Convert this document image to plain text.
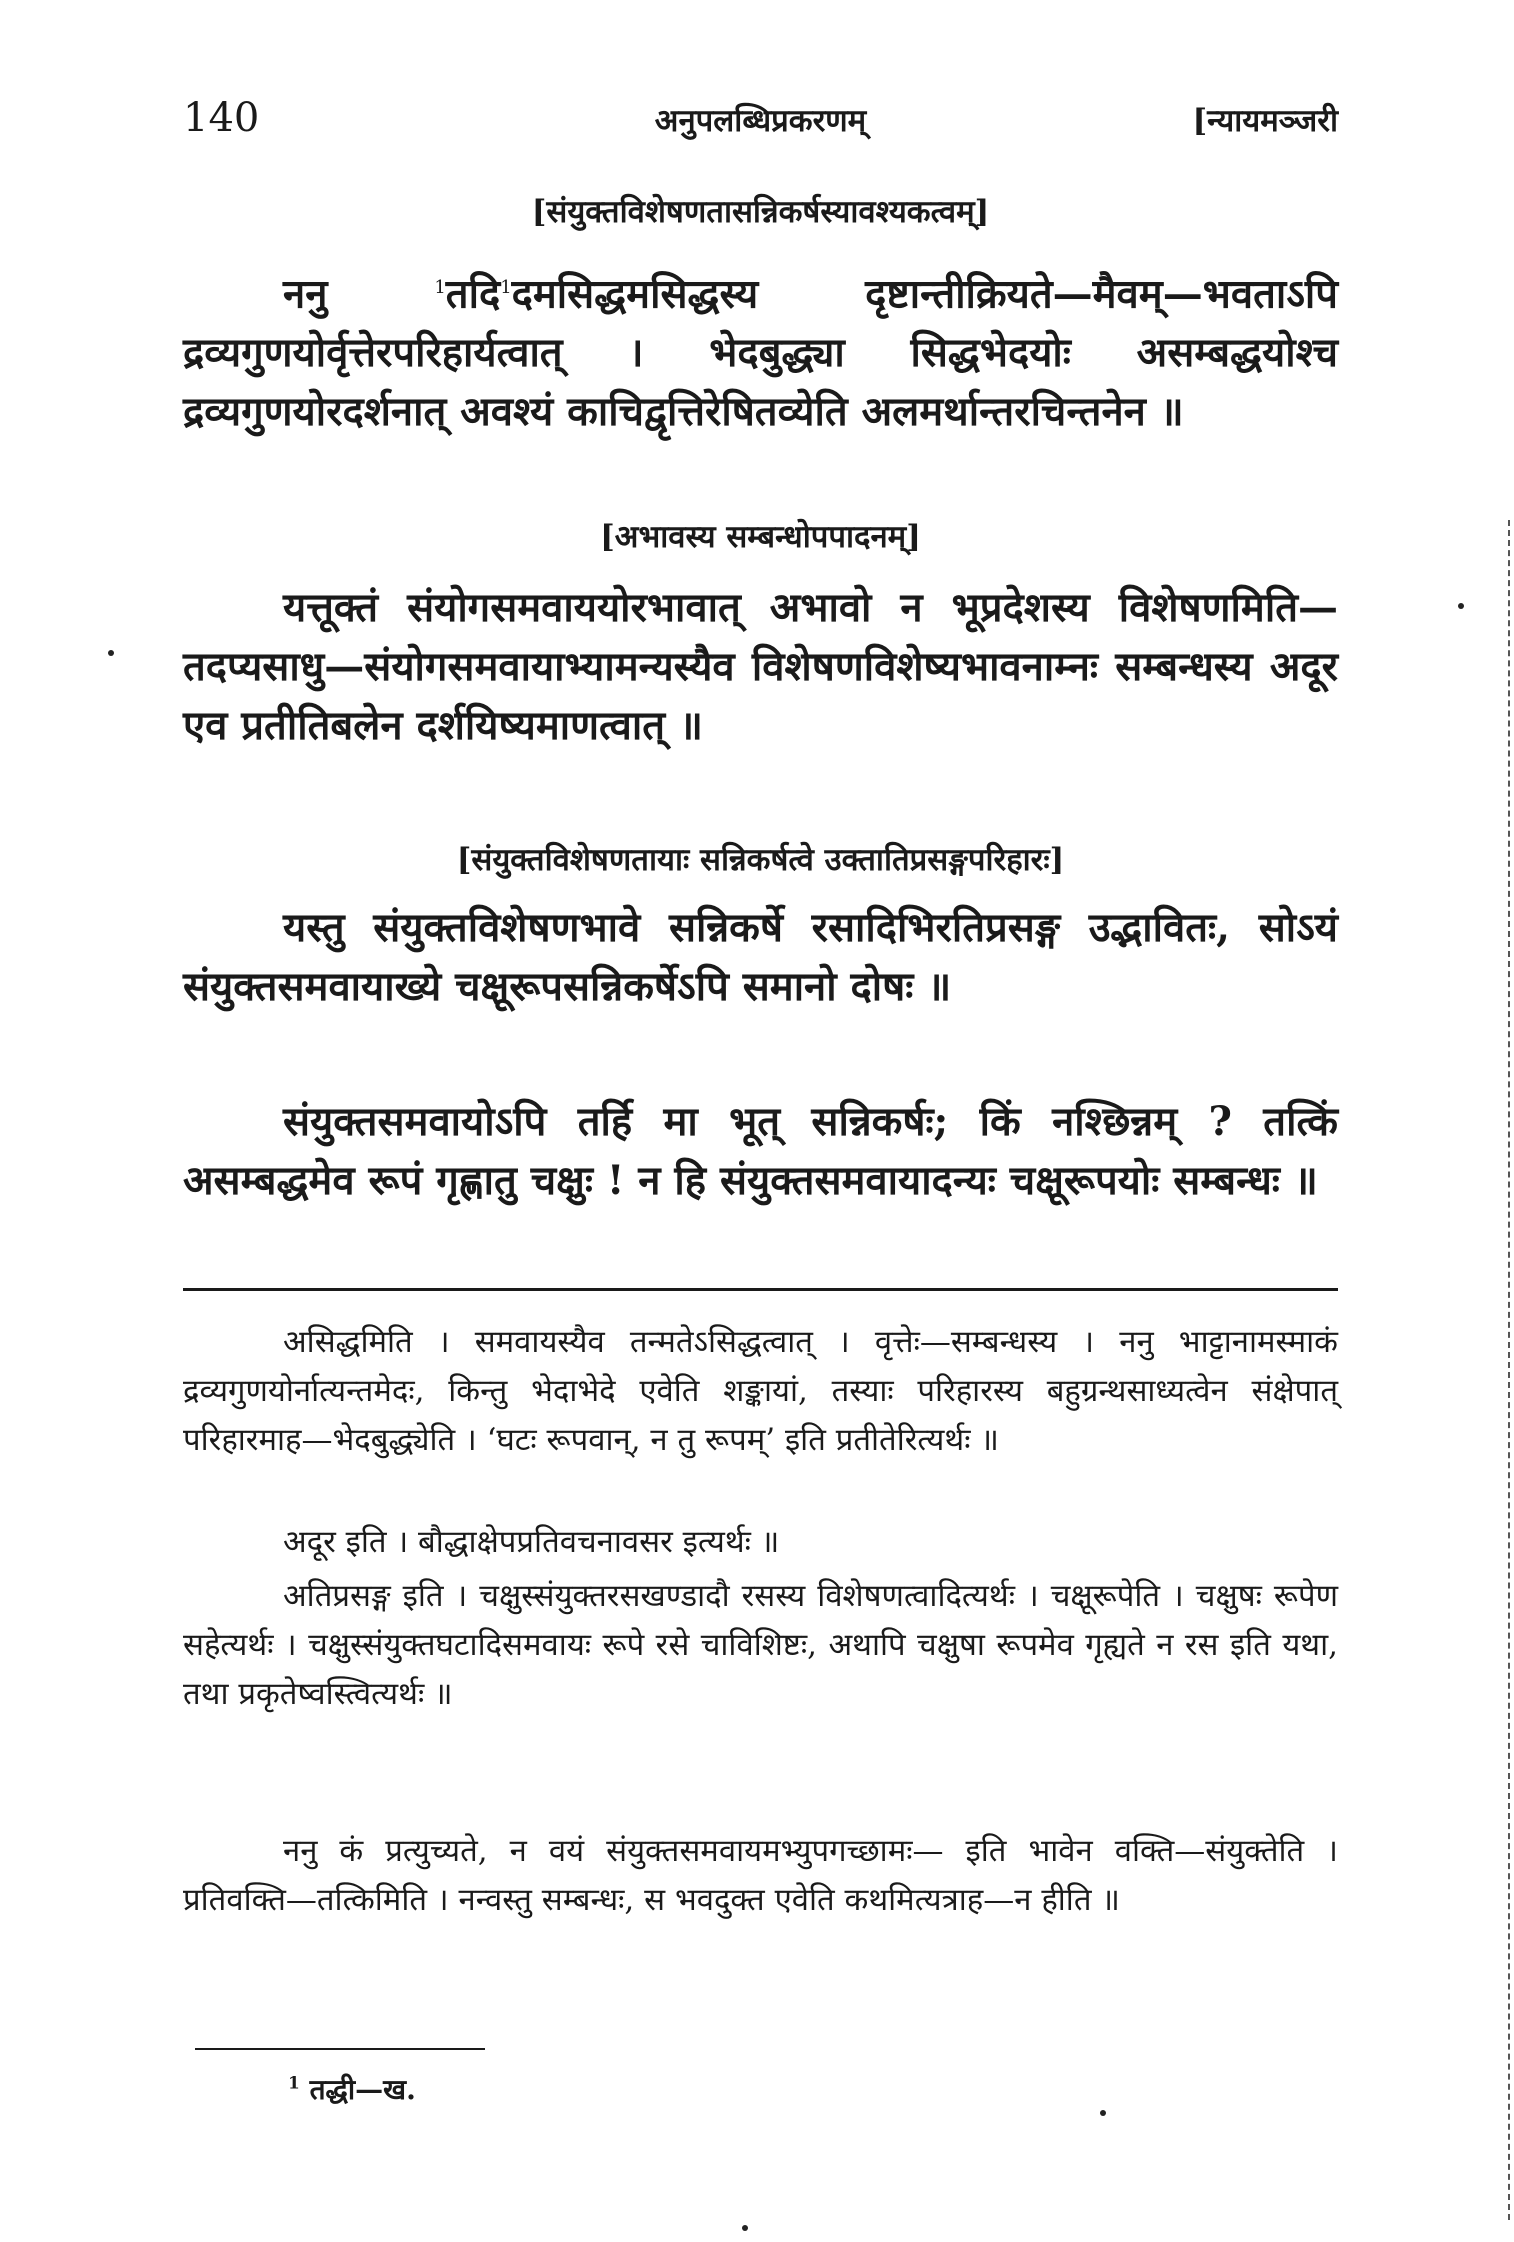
140	अनुपलब्धिप्रकरणम्	[न्यायमञ्जरी
[संयुक्तविशेषणतासन्निकर्षस्यावश्यकत्वम्]

ननु $^1$तदि$^1$दमसिद्धमसिद्धस्य दृष्टान्तीक्रियते—मैवम्—भवताऽपि द्रव्यगुणयोर्वृत्तेरपरिहार्यत्वात् । भेदबुद्ध्या सिद्धभेदयोः असम्बद्धयोश्च द्रव्यगुणयोरदर्शनात् अवश्यं काचिद्वृत्तिरेषितव्येति अलमर्थान्तरचिन्तनेन ॥

[अभावस्य सम्बन्धोपपादनम्]

यत्तूक्तं संयोगसमवाययोरभावात् अभावो न भूप्रदेशस्य विशेषणमिति—तदप्यसाधु—संयोगसमवायाभ्यामन्यस्यैव विशेषणविशेष्यभावनाम्नः सम्बन्धस्य अदूर एव प्रतीतिबलेन दर्शयिष्यमाणत्वात् ॥

[संयुक्तविशेषणतायाः सन्निकर्षत्वे उक्तातिप्रसङ्गपरिहारः]

यस्तु संयुक्तविशेषणभावे सन्निकर्षे रसादिभिरतिप्रसङ्ग उद्भावितः, सोऽयं संयुक्तसमवायाख्ये चक्षूरूपसन्निकर्षेऽपि समानो दोषः ॥

संयुक्तसमवायोऽपि तर्हि मा भूत् सन्निकर्षः; किं नश्छिन्नम् ? तत्किं असम्बद्धमेव रूपं गृह्णातु चक्षुः ! न हि संयुक्तसमवायादन्यः चक्षूरूपयोः सम्बन्धः ॥

असिद्धमिति । समवायस्यैव तन्मतेऽसिद्धत्वात् । वृत्तेः—सम्बन्धस्य । ननु भाट्टानामस्माकं द्रव्यगुणयोर्नात्यन्तमेदः, किन्तु भेदाभेदे एवेति शङ्कायां, तस्याः परिहारस्य बहुग्रन्थसाध्यत्वेन संक्षेपात् परिहारमाह—भेदबुद्ध्येति । ‘घटः रूपवान्, न तु रूपम्’ इति प्रतीतेरित्यर्थः ॥

अदूर इति । बौद्धाक्षेपप्रतिवचनावसर इत्यर्थः ॥

अतिप्रसङ्ग इति । चक्षुस्संयुक्तरसखण्डादौ रसस्य विशेषणत्वादित्यर्थः । चक्षूरूपेति । चक्षुषः रूपेण सहेत्यर्थः । चक्षुस्संयुक्तघटादिसमवायः रूपे रसे चाविशिष्टः, अथापि चक्षुषा रूपमेव गृह्यते न रस इति यथा, तथा प्रकृतेष्वस्त्वित्यर्थः ॥

ननु कं प्रत्युच्यते, न वयं संयुक्तसमवायमभ्युपगच्छामः— इति भावेन वक्ति—संयुक्तेति । प्रतिवक्ति—तत्किमिति । नन्वस्तु सम्बन्धः, स भवदुक्त एवेति कथमित्यत्राह—न हीति ॥

$^1$ तद्धी—ख.
